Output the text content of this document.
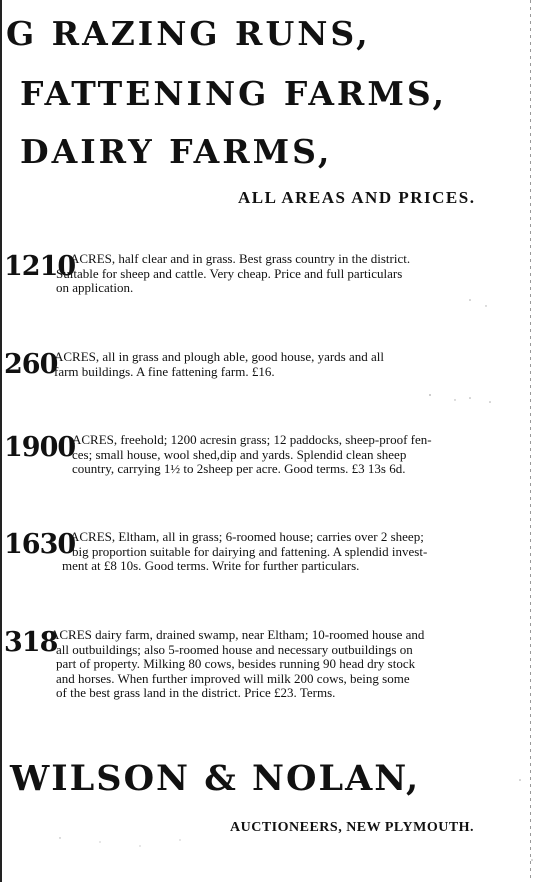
G RAZING RUNS,
FATTENING FARMS,
DAIRY FARMS,
ALL AREAS AND PRICES.
1210
ACRES, half clear and in grass. Best grass country in the district.
Suitable for sheep and cattle. Very cheap. Price and full particulars
on application.
260
ACRES, all in grass and plough able, good house, yards and all
farm buildings. A fine fattening farm. £16.
1900
ACRES, freehold; 1200 acresin grass; 12 paddocks, sheep-proof fen-
ces; small house, wool shed,dip and yards. Splendid clean sheep
country, carrying 1½ to 2sheep per acre. Good terms. £3 13s 6d.
1630
ACRES, Eltham, all in grass; 6-roomed house; carries over 2 sheep;
big proportion suitable for dairying and fattening. A splendid invest-
ment at £8 10s. Good terms. Write for further particulars.
318
ACRES dairy farm, drained swamp, near Eltham; 10-roomed house and
all outbuildings; also 5-roomed house and necessary outbuildings on
part of property. Milking 80 cows, besides running 90 head dry stock
and horses. When further improved will milk 200 cows, being some
of the best grass land in the district. Price £23. Terms.
WILSON & NOLAN,
AUCTIONEERS, NEW PLYMOUTH.
